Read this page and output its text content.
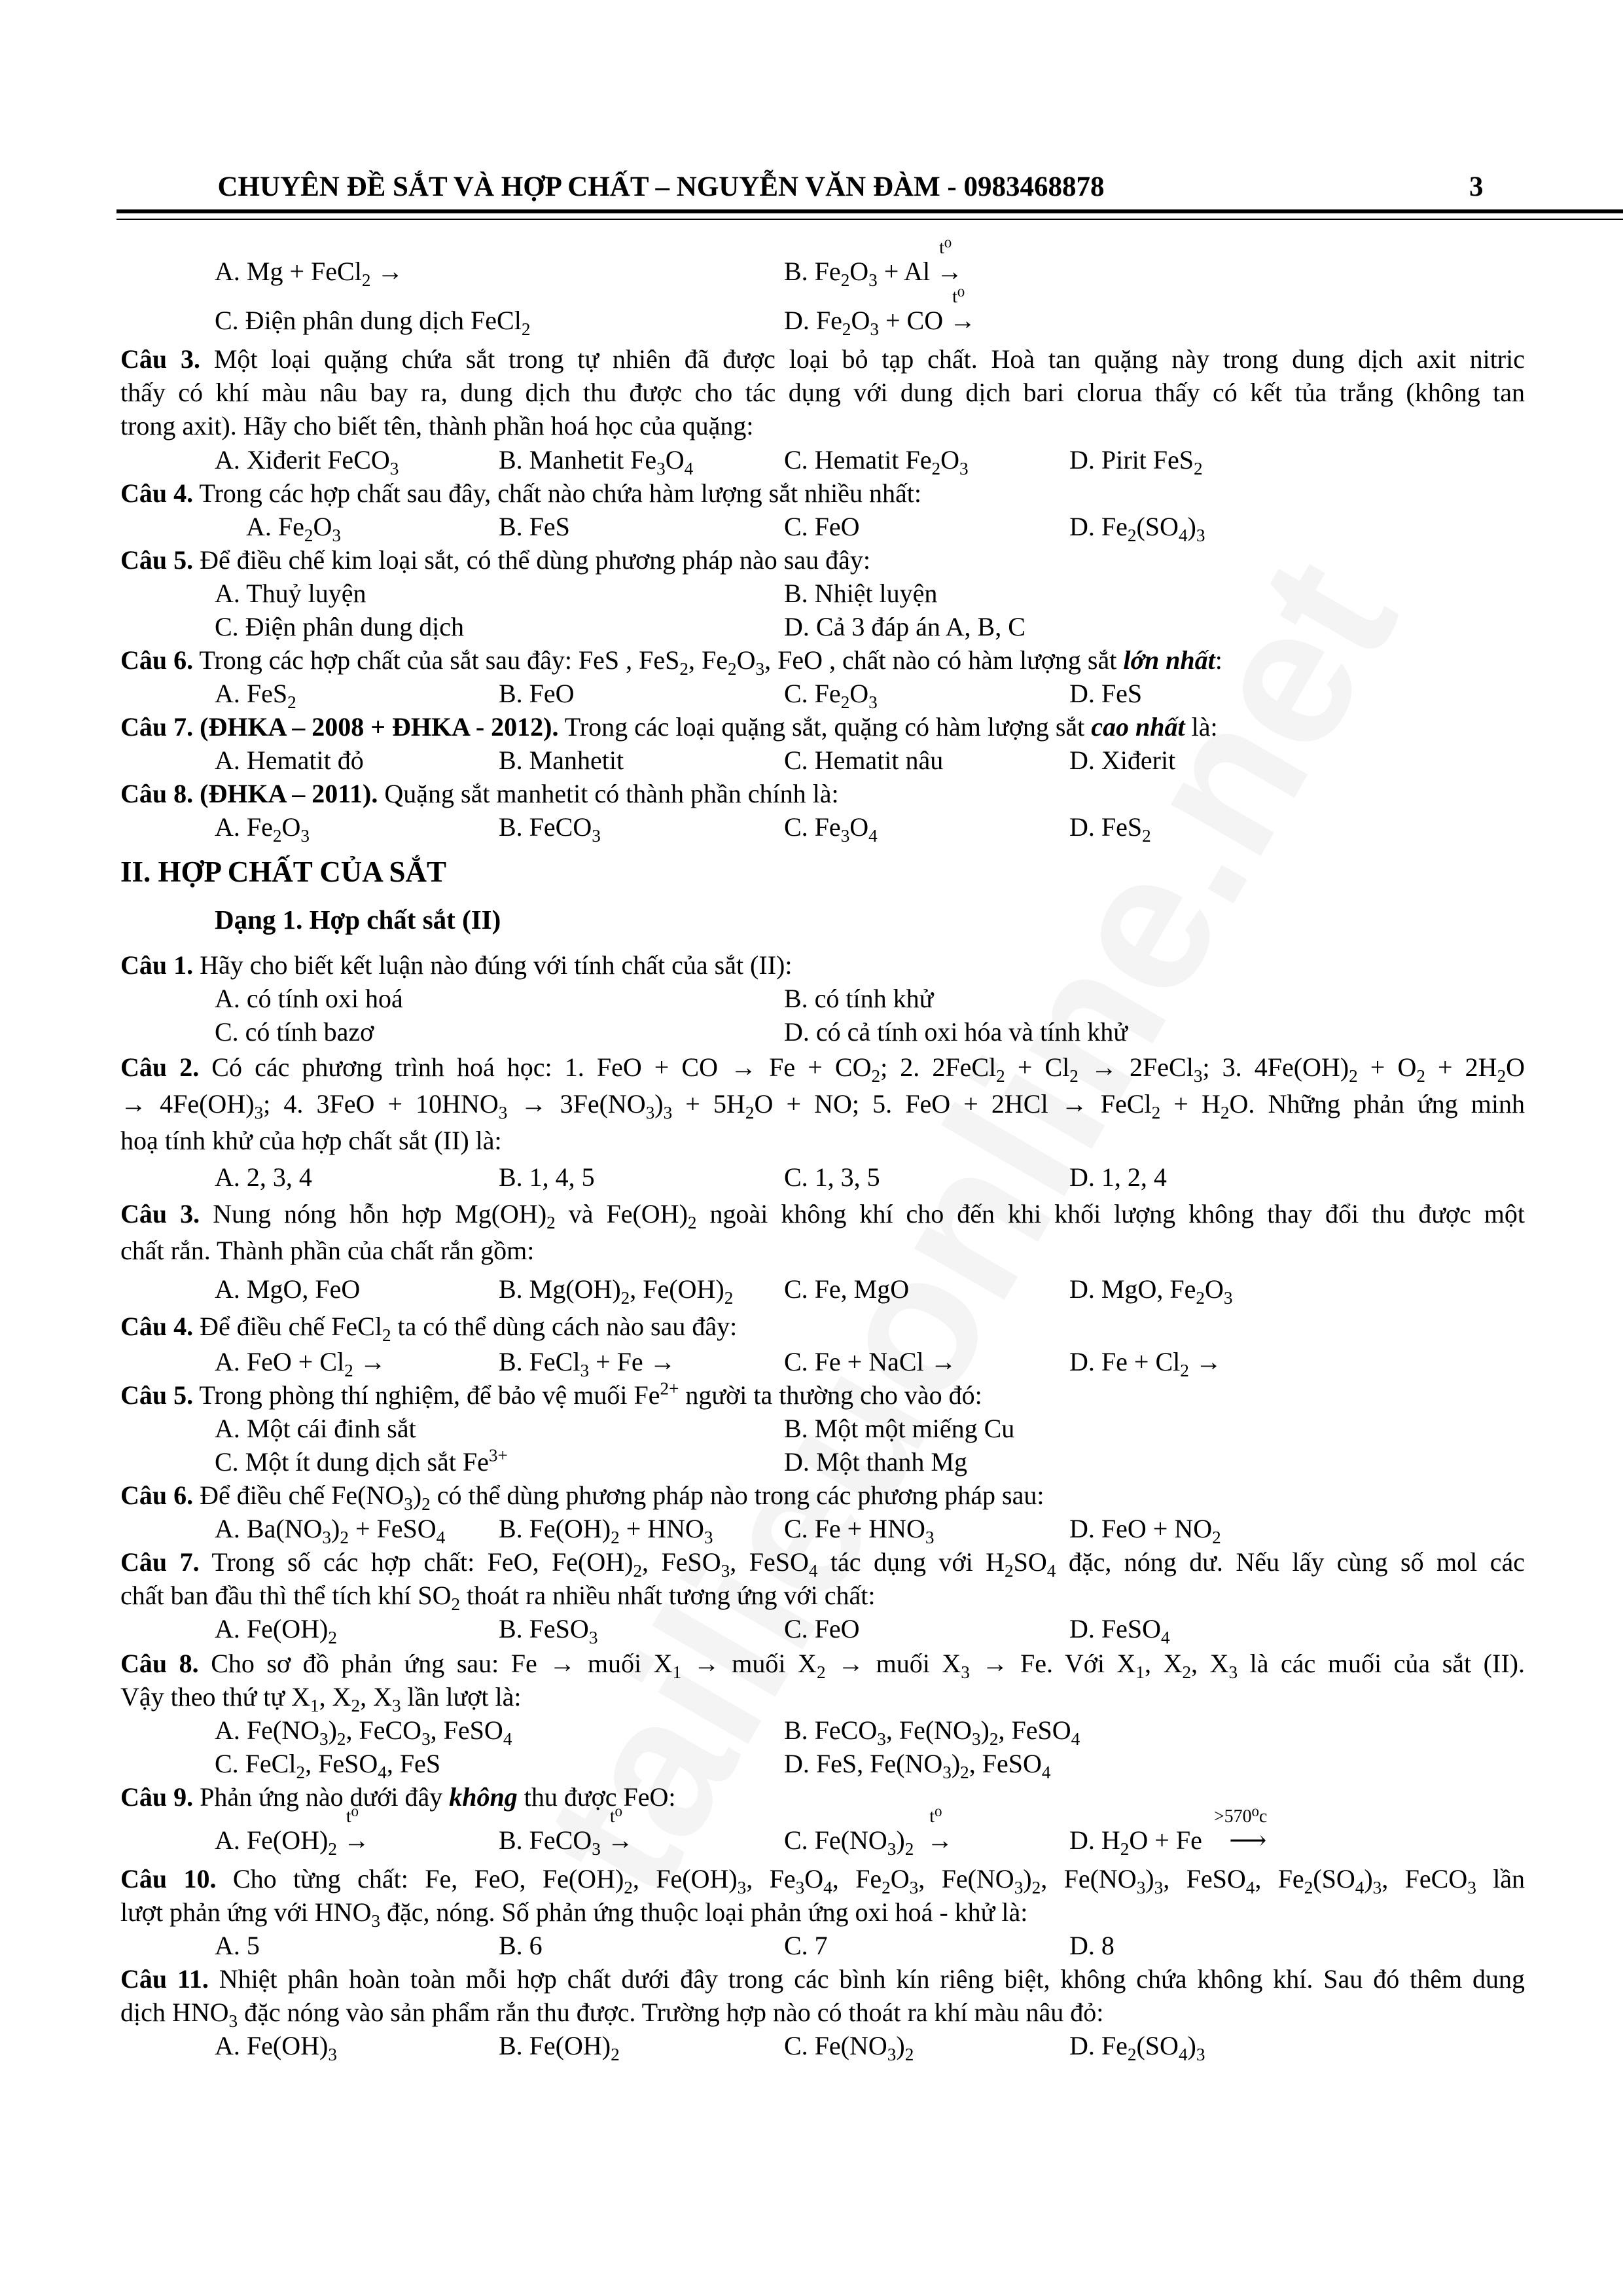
CHUYÊN ĐỀ SẮT VÀ HỢP CHẤT – NGUYỄN VĂN ĐÀM - 0983468878	3
A. Mg + FeCl$_2$ →	B. $Fe_2O_3 + Al$
t⁰
→
C. Điện phân dung dịch FeCl$_2$	D. $Fe_2O_3$ + CO
t⁰
→
Câu 3. Một loại quặng chứa sắt trong tự nhiên đã được loại bỏ tạp chất. Hoà tan quặng này trong dung dịch axit nitric
thấy có khí màu nâu bay ra, dung dịch thu được cho tác dụng với dung dịch bari clorua thấy có kết tủa trắng (không tan
trong axit). Hãy cho biết tên, thành phần hoá học của quặng:
A. Xiđerit FeCO$_3$	B. Manhetit $Fe_3O_4$	C. Hematit $Fe_2O_3$	D. Pirit FeS$_2$
Câu 4. Trong các hợp chất sau đây, chất nào chứa hàm lượng sắt nhiều nhất:
A. $Fe_2O_3$	B. FeS	C. FeO	D. $Fe_2(SO_4)_3$
Câu 5. Để điều chế kim loại sắt, có thể dùng phương pháp nào sau đây:
A. Thuỷ luyện	B. Nhiệt luyện
C. Điện phân dung dịch	D. Cả 3 đáp án A, B, C
Câu 6. Trong các hợp chất của sắt sau đây: FeS , FeS$_2$, $Fe_2O_3$, FeO , chất nào có hàm lượng sắt lớn nhất:
A. FeS$_2$	B. FeO	C. $Fe_2O_3$	D. FeS
Câu 7. (ĐHKA – 2008 + ĐHKA - 2012). Trong các loại quặng sắt, quặng có hàm lượng sắt cao nhất là:
A. Hematit đỏ	B. Manhetit	C. Hematit nâu	D. Xiđerit
Câu 8. (ĐHKA – 2011). Quặng sắt manhetit có thành phần chính là:
A. $Fe_2O_3$	B. FeCO$_3$	C. $Fe_3O_4$	D. FeS$_2$
II. HỢP CHẤT CỦA SẮT
Dạng 1. Hợp chất sắt (II)
Câu 1. Hãy cho biết kết luận nào đúng với tính chất của sắt (II):
A. có tính oxi hoá	B. có tính khử
C. có tính bazơ	D. có cả tính oxi hóa và tính khử
Câu 2. Có các phương trình hoá học: 1. FeO + CO → $Fe + CO_2$; 2. 2FeCl$_2$ + $Cl_2$ → 2FeCl$_3$; 3. $4Fe(OH)_2 + O_2 + 2H_2O$
→ $4Fe(OH)_3$; 4. $3FeO + 10HNO_3 \to 3Fe(NO_3)_3 + 5H_2O$ + NO; 5. FeO + 2HCl → FeCl$_2$ + $H_2O$. Những phản ứng minh
hoạ tính khử của hợp chất sắt (II) là:
A. 2, 3, 4	B. 1, 4, 5	C. 1, 3, 5	D. 1, 2, 4
Câu 3. Nung nóng hỗn hợp $Mg(OH)_2$ và $Fe(OH)_2$ ngoài không khí cho đến khi khối lượng không thay đổi thu được một
chất rắn. Thành phần của chất rắn gồm:
A. MgO, FeO	B. $Mg(OH)_2$, $Fe(OH)_2$ C. Fe, MgO	D. MgO, $Fe_2O_3$
Câu 4. Để điều chế FeCl$_2$ ta có thể dùng cách nào sau đây:
A. FeO + $Cl_2$ →	B. FeCl$_3$ + Fe →	C. Fe + NaCl →	D. $Fe + Cl_2$ →
Câu 5. Trong phòng thí nghiệm, để bảo vệ muối $Fe^{2+}$ người ta thường cho vào đó:
A. Một cái đinh sắt	B. Một một miếng Cu
C. Một ít dung dịch sắt $Fe^{3+}$	D. Một thanh Mg
Câu 6. Để điều chế $Fe(NO_3)_2$ có thể dùng phương pháp nào trong các phương pháp sau:
A. $Ba(NO_3)_2$ + FeSO$_4$ B. $Fe(OH)_2 + HNO_3$	C. $Fe + HNO_3$	D. FeO + $NO_2$
Câu 7. Trong số các hợp chất: FeO, $Fe(OH)_2$, FeSO$_3$, FeSO$_4$ tác dụng với $H_2SO_4$ đặc, nóng dư. Nếu lấy cùng số mol các
chất ban đầu thì thể tích khí $SO_2$ thoát ra nhiều nhất tương ứng với chất:
A. $Fe(OH)_2$	B. FeSO$_3$	C. FeO	D. FeSO$_4$
Câu 8. Cho sơ đồ phản ứng sau: Fe → muối $X_1$ → muối $X_2$ → muối $X_3 \to Fe$. Với $X_1$, $X_2$, $X_3$ là các muối của sắt (II).
Vậy theo thứ tự $X_1$, $X_2$, $X_3$ lần lượt là:
A. $Fe(NO_3)_2$, FeCO$_3$, FeSO$_4$	B. FeCO$_3$, $Fe(NO_3)_2$, FeSO$_4$
C. FeCl$_2$, FeSO$_4$, FeS	D. FeS, $Fe(NO_3)_2$, FeSO$_4$
Câu 9. Phản ứng nào dưới đây không thu được FeO:
A. $Fe(OH)_2$
t⁰
→	B. FeCO$_3$
t⁰
→	C. $Fe(NO_3)_2$
t⁰
→	D. $H_2O + Fe$
>570⁰c
⟶
Câu 10. Cho từng chất: Fe, FeO, $Fe(OH)_2$, $Fe(OH)_3$, $Fe_3O_4$, $Fe_2O_3$, $Fe(NO_3)_2$, $Fe(NO_3)_3$, FeSO$_4$, $Fe_2(SO_4)_3$, FeCO$_3$ lần
lượt phản ứng với $HNO_3$ đặc, nóng. Số phản ứng thuộc loại phản ứng oxi hoá - khử là:
A. 5	B. 6	C. 7	D. 8
Câu 11. Nhiệt phân hoàn toàn mỗi hợp chất dưới đây trong các bình kín riêng biệt, không chứa không khí. Sau đó thêm dung
dịch $HNO_3$ đặc nóng vào sản phẩm rắn thu được. Trường hợp nào có thoát ra khí màu nâu đỏ:
A. $Fe(OH)_3$	B. $Fe(OH)_2$	C. $Fe(NO_3)_2$	D. $Fe_2(SO_4)_3$
